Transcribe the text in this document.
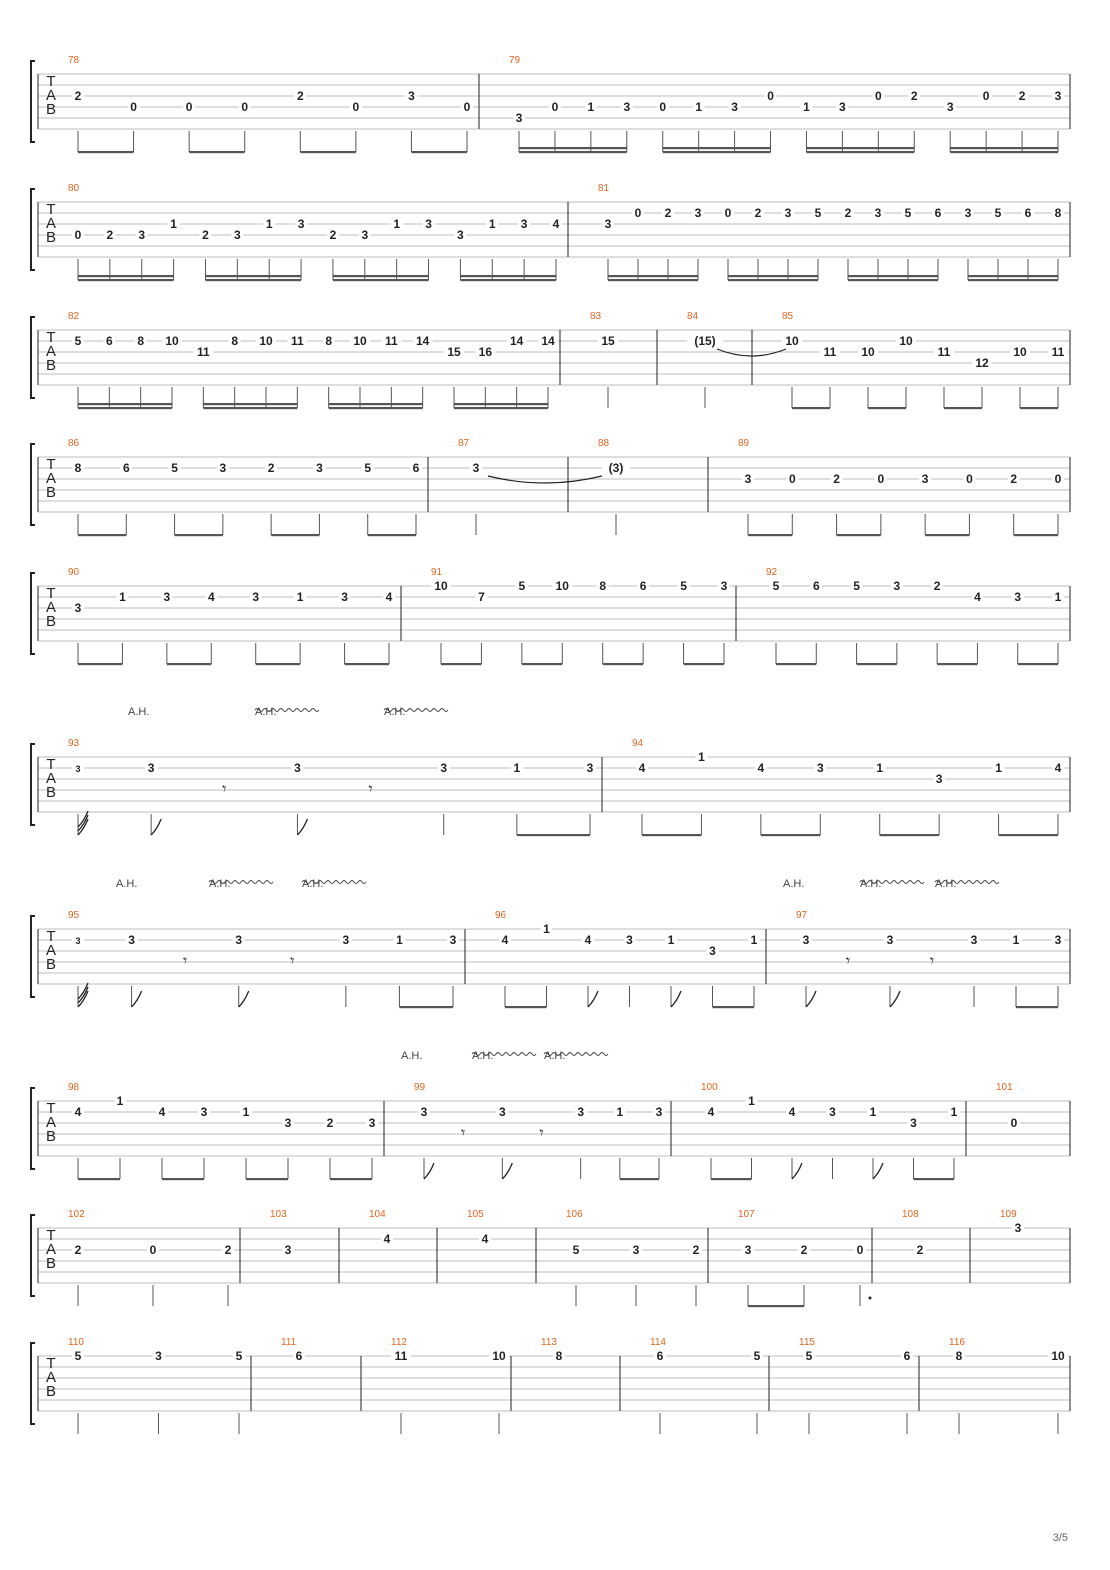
T
A
B
78
2
0	0	0
2
0
3
0
79
3
0 1 3 0 1 3
0
1 3
0 2
3
0 2 3
T
A
B
80
0 2 3
1
2 3
1 3
2 3
1 3
3
1 3 4
81
3
0 2 3 0 2 3 5 2 3 5 6 3 5 6 8
T
A
B
82
5 6 8 10
11
8 10 11 8 10 11 14
15 16
14 14
83
15
84
(15)
85
10
11 10
10
11
12
10 11
T
A
B
86
8	6	5	3	2	3	5	6
87
3
88
(3)
89
3	0	2	0	3	0	2	0
T
A
B
90
3
1	3	4	3	1	3	4
91
10
7
5	10	8	6	5	3
92
5	6	5	3	2
4	3	1
T
A
B
A.H.	A.H.	A.H.
93
3	3
𝄾
3
𝄾
3	1	3
94
4
1
4	3	1
3
1	4
T
A
B
A.H.	A.H.	A.H.	A.H.	A.H.	A.H.
95
3	3
𝄾
3
𝄾
3	1	3
96
4
1
4	3	1
3
1
97
3
𝄾
3
𝄾
3	1	3
T
A
B
A.H.	A.H.	A.H.
98
4
1
4	3	1
3	2	3
99
3
𝄾
3
𝄾
3	1	3
100
4
1
4	3	1
3
1
101
0
T
A
B
102
2	0	2
103
3
104
4
105
4
106
5	3	2
107
3	2	0
108
2
109
3
T
A
B
110
5	3	5
111
6
112
11	10
113
8
114
6	5
115
5	6
116
8	10
3/5
